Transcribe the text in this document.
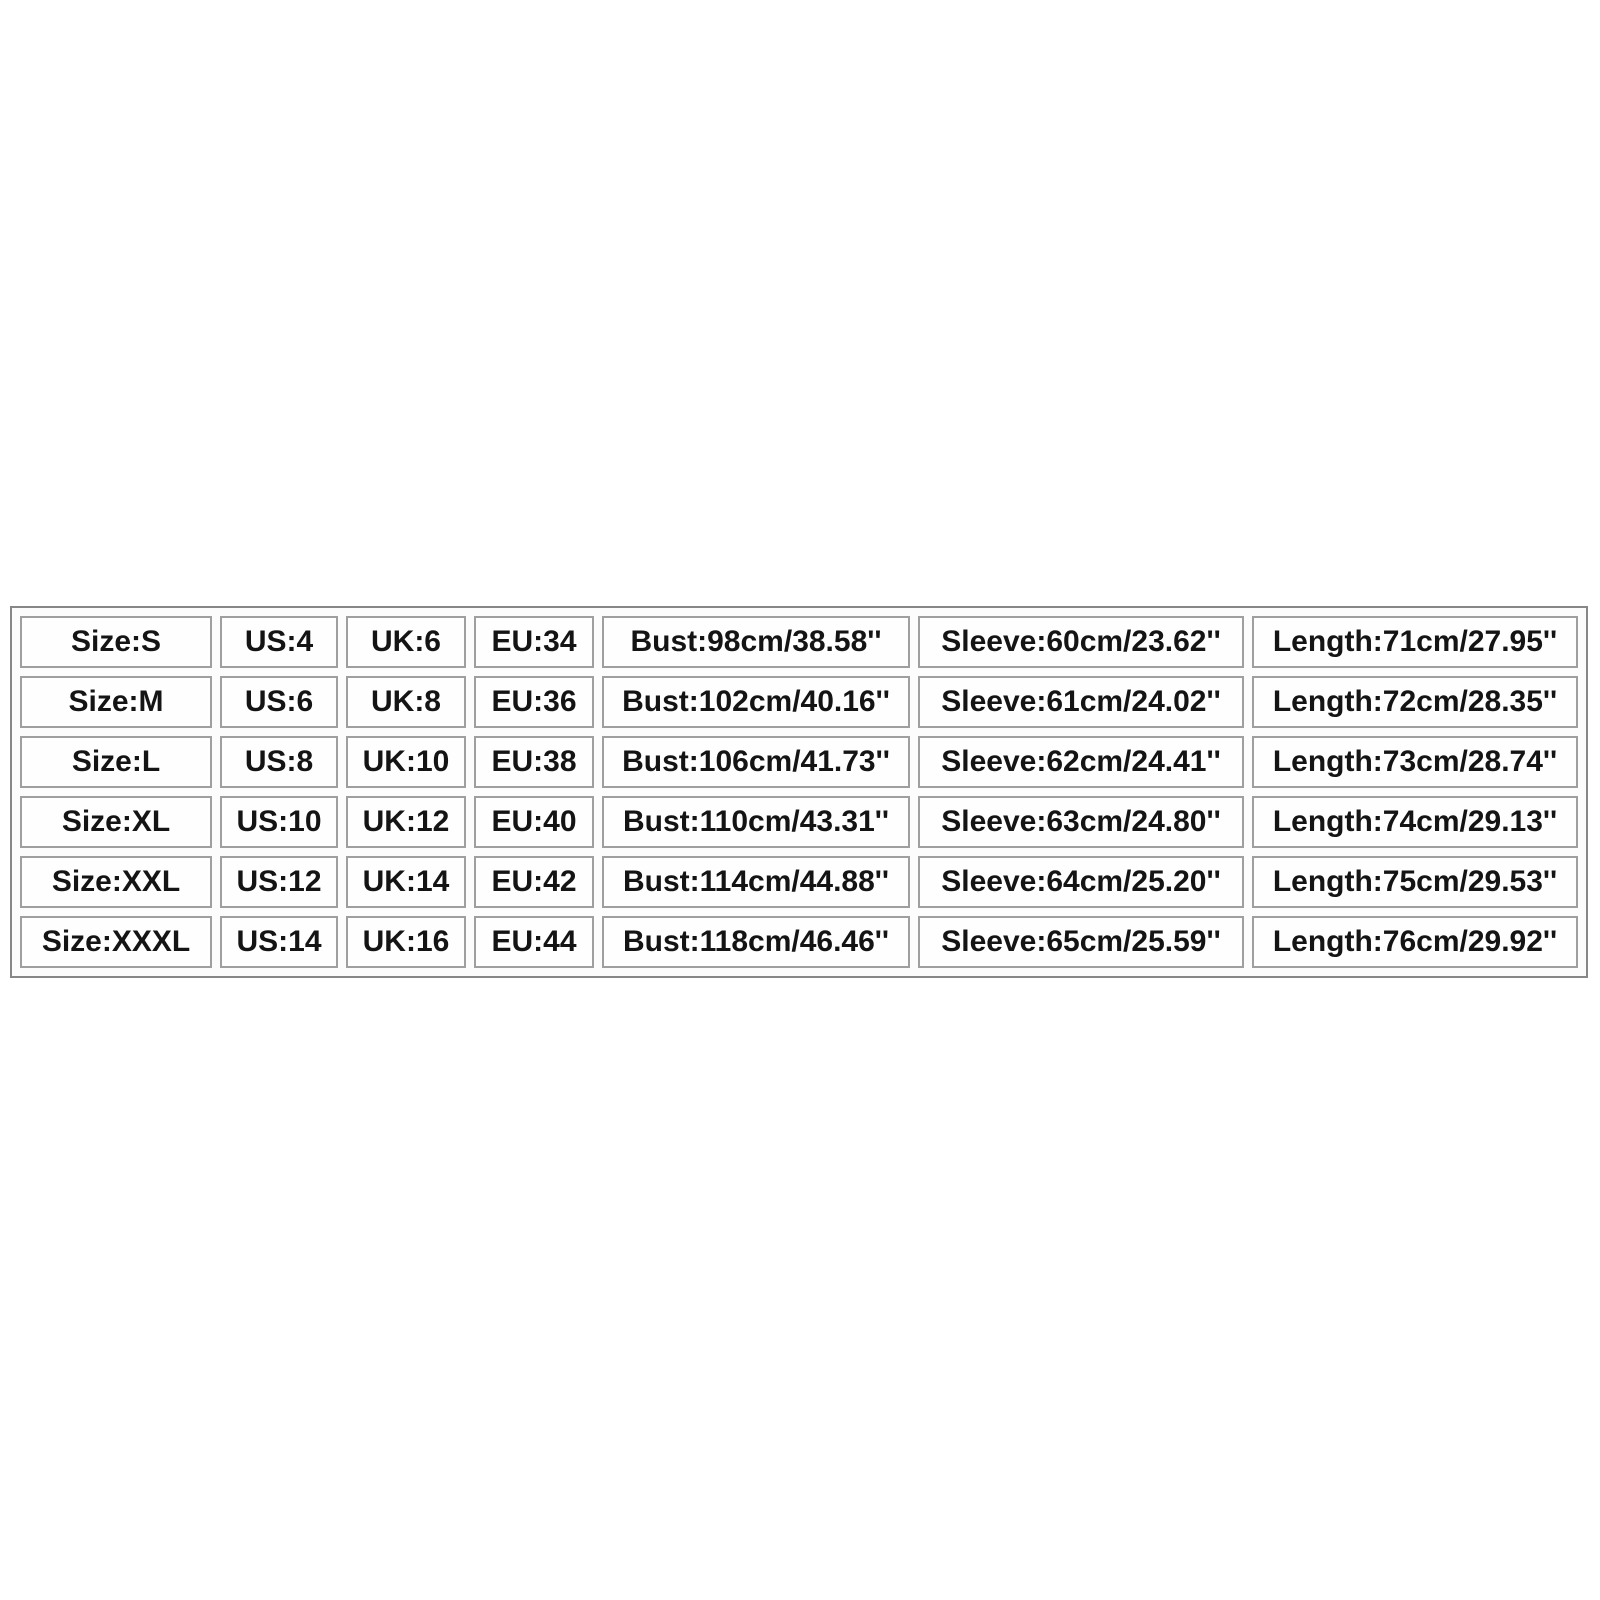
Size:S	US:4	UK:6	EU:34	Bust:98cm/38.58''	Sleeve:60cm/23.62''	Length:71cm/27.95''
Size:M	US:6	UK:8	EU:36	Bust:102cm/40.16''	Sleeve:61cm/24.02''	Length:72cm/28.35''
Size:L	US:8	UK:10	EU:38	Bust:106cm/41.73''	Sleeve:62cm/24.41''	Length:73cm/28.74''
Size:XL	US:10	UK:12	EU:40	Bust:110cm/43.31''	Sleeve:63cm/24.80''	Length:74cm/29.13''
Size:XXL	US:12	UK:14	EU:42	Bust:114cm/44.88''	Sleeve:64cm/25.20''	Length:75cm/29.53''
Size:XXXL	US:14	UK:16	EU:44	Bust:118cm/46.46''	Sleeve:65cm/25.59''	Length:76cm/29.92''
